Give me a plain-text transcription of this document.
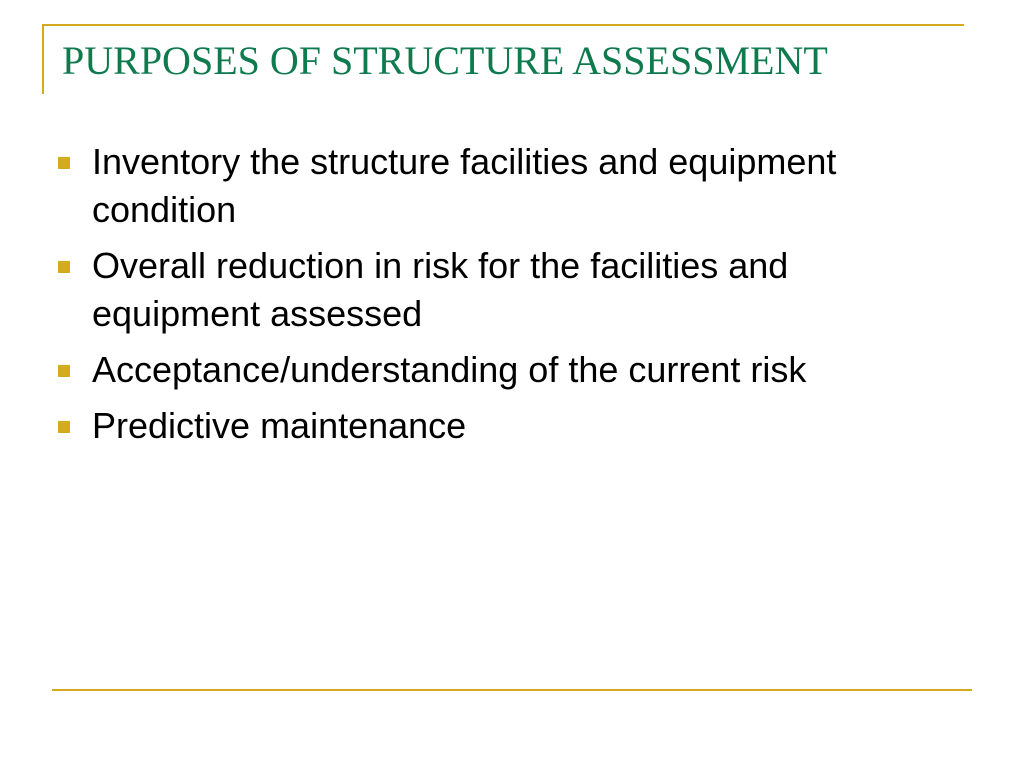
PURPOSES OF STRUCTURE ASSESSMENT
Inventory the structure facilities and equipment condition
Overall reduction in risk for the facilities and equipment assessed
Acceptance/understanding of the current risk
Predictive maintenance
